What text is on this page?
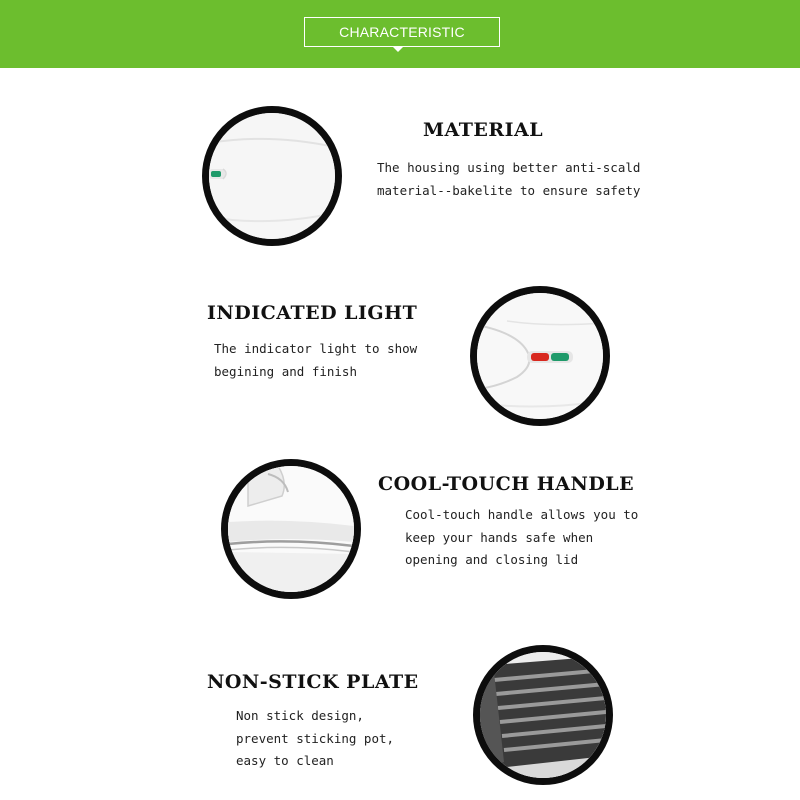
CHARACTERISTIC
MATERIAL
The housing using better anti-scald
material--bakelite to ensure safety
INDICATED LIGHT
The indicator light to show
begining and finish
COOL-TOUCH HANDLE
Cool-touch handle allows you to
keep your hands safe when
opening and closing lid
NON-STICK PLATE
Non stick design,
prevent sticking pot,
easy to clean
